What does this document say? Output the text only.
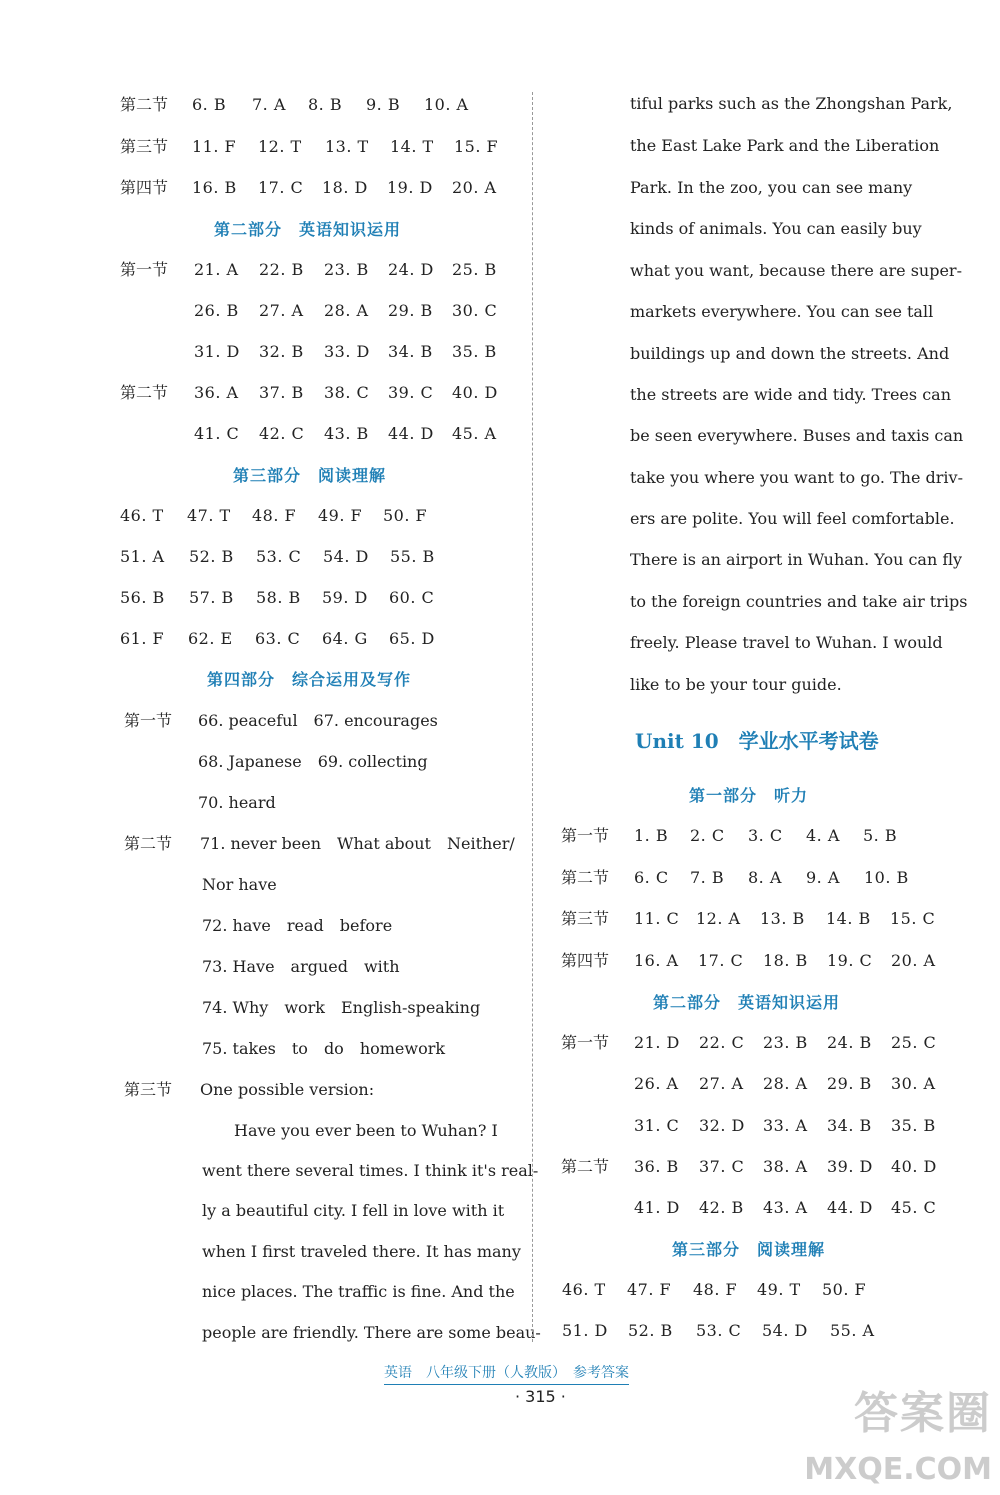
第二节 6. B 7. A 8. B 9. B 10. A
第三节 11. F 12. T 13. T 14. T 15. F
第四节 16. B 17. C 18. D 19. D 20. A
第二部分　英语知识运用
第一节 21. A 22. B 23. B 24. D 25. B
26. B 27. A 28. A 29. B 30. C
31. D 32. B 33. D 34. B 35. B
第二节 36. A 37. B 38. C 39. C 40. D
41. C 42. C 43. B 44. D 45. A
第三部分　阅读理解
46. T 47. T 48. F 49. F 50. F
51. A 52. B 53. C 54. D 55. B
56. B 57. B 58. B 59. D 60. C
61. F 62. E 63. C 64. G 65. D
第四部分　综合运用及写作
第一节 66. peaceful　67. encourages
68. Japanese　69. collecting
70. heard
第二节 71. never been　What about　Neither/
Nor have
72. have　read　before
73. Have　argued　with
74. Why　work　English-speaking
75. takes　to　do　homework
第三节 One possible version:
　　Have you ever been to Wuhan? I
went there several times. I think it's real-
ly a beautiful city. I fell in love with it
when I first traveled there. It has many
nice places. The traffic is fine. And the
people are friendly. There are some beau-
tiful parks such as the Zhongshan Park,
the East Lake Park and the Liberation
Park. In the zoo, you can see many
kinds of animals. You can easily buy
what you want, because there are super-
markets everywhere. You can see tall
buildings up and down the streets. And
the streets are wide and tidy. Trees can
be seen everywhere. Buses and taxis can
take you where you want to go. The driv-
ers are polite. You will feel comfortable.
There is an airport in Wuhan. You can fly
to the foreign countries and take air trips
freely. Please travel to Wuhan. I would
like to be your tour guide.
Unit 10　学业水平考试卷
第一部分　听力
第一节 1. B 2. C 3. C 4. A 5. B
第二节 6. C 7. B 8. A 9. A 10. B
第三节 11. C 12. A 13. B 14. B 15. C
第四节 16. A 17. C 18. B 19. C 20. A
第二部分　英语知识运用
第一节 21. D 22. C 23. B 24. B 25. C
26. A 27. A 28. A 29. B 30. A
31. C 32. D 33. A 34. B 35. B
第二节 36. B 37. C 38. A 39. D 40. D
41. D 42. B 43. A 44. D 45. C
第三部分　阅读理解
46. T 47. F 48. F 49. T 50. F
51. D 52. B 53. C 54. D 55. A
英语　八年级下册（人教版）　参考答案
· 315 ·	答案圈
MXQE.COM
